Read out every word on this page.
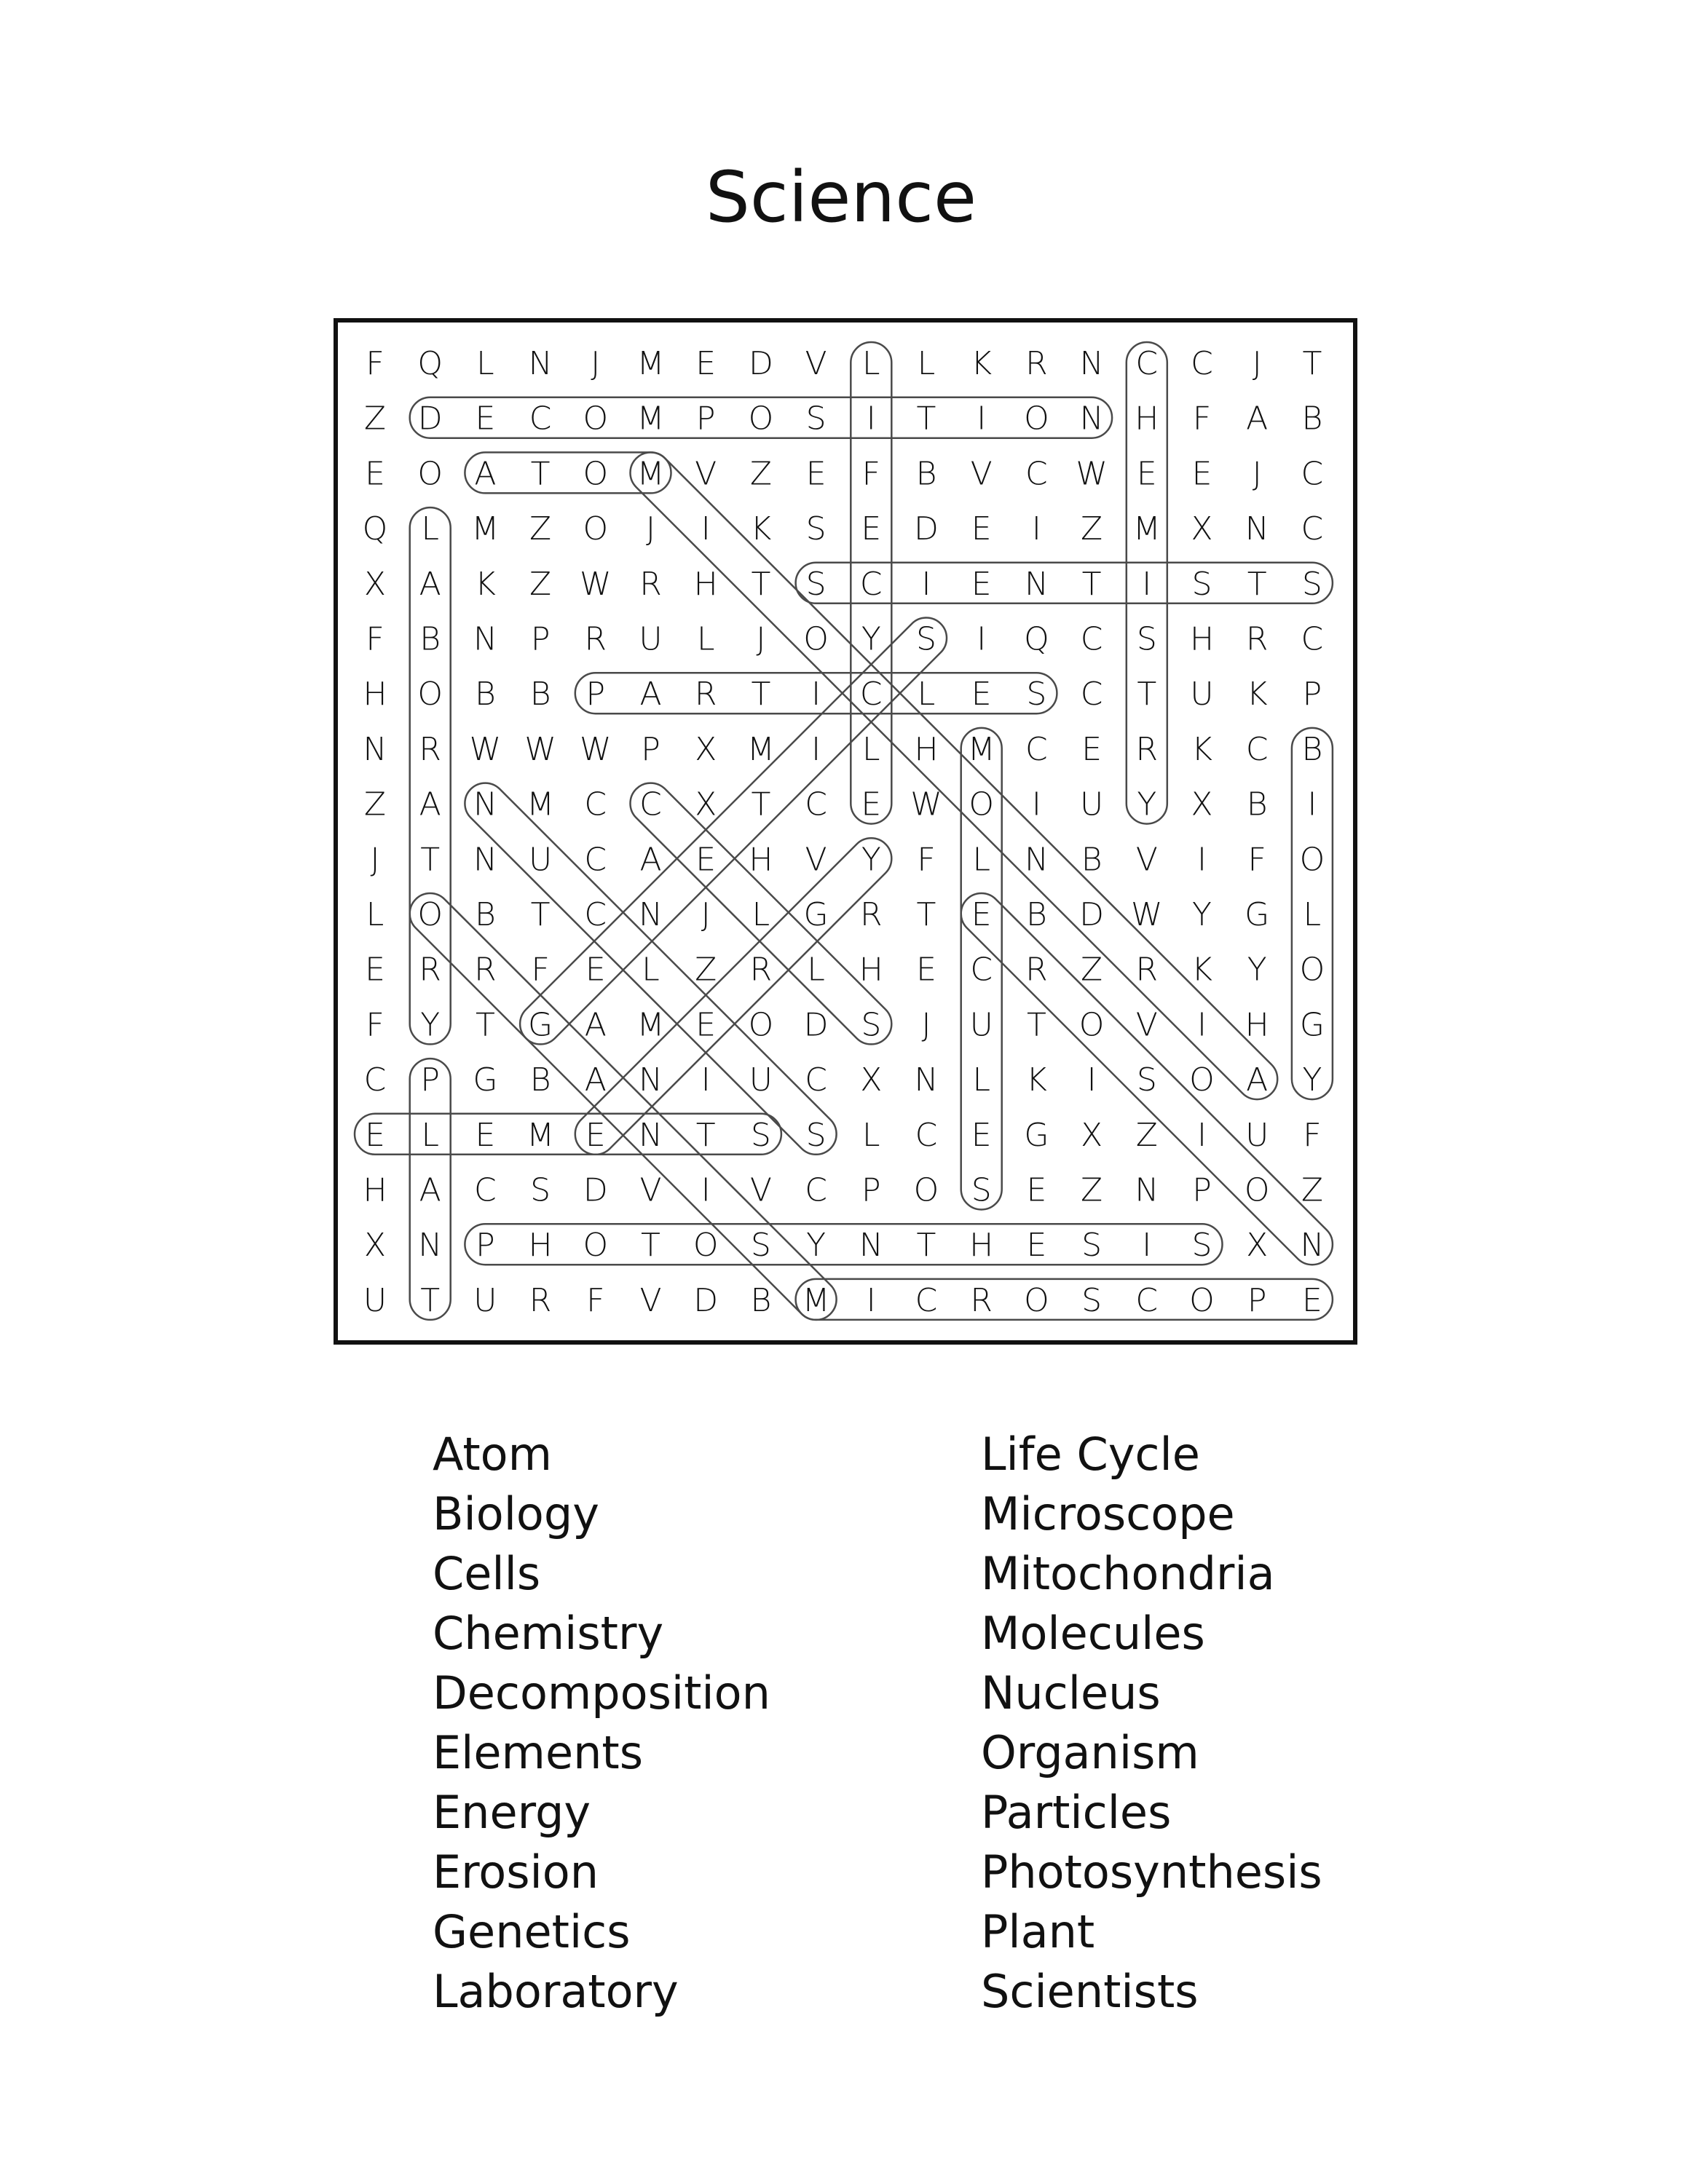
Science
F Q L N J M E D V L L K R N C C J T
Z D E C O M P O S I T I O N H F A B
E O A T O M V Z E F B V C W E E J C
Q L M Z O J I K S E D E I Z M X N C
X A K Z W R H T S C I E N T I S T S
F B N P R U L J O Y S I Q C S H R C
H O B B P A R T I C L E S C T U K P
N R W W W P X M I L H M C E R K C B
Z A N M C C X T C E W O I U Y X B I
J T N U C A E H V Y F L N B V I F O
L O B T C N J L G R T E B D W Y G L
E R R F E L Z R L H E C R Z R K Y O
F Y T G A M E O D S J U T O V I H G
C P G B A N I U C X N L K I S O A Y
E L E M E N T S S L C E G X Z I U F
H A C S D V I V C P O S E Z N P O Z
X N P H O T O S Y N T H E S I S X N
U T U R F V D B M I C R O S C O P E
Atom
Biology
Cells
Chemistry
Decomposition
Elements
Energy
Erosion
Genetics
Laboratory
Life Cycle
Microscope
Mitochondria
Molecules
Nucleus
Organism
Particles
Photosynthesis
Plant
Scientists
